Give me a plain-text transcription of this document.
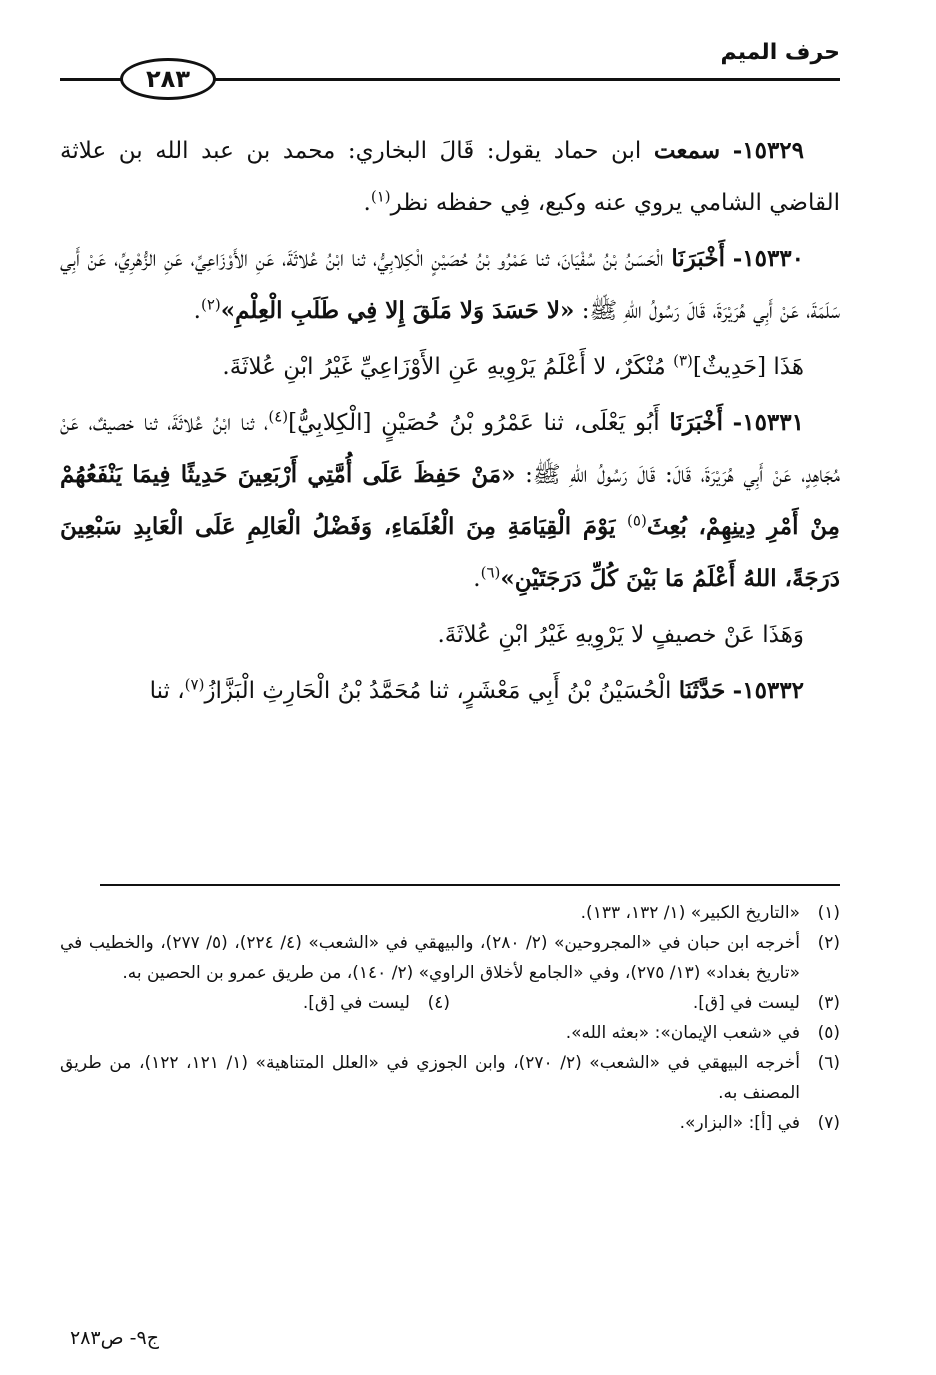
حرف الميم
٢٨٣

١٥٣٢٩- سمعت ابن حماد يقول: قَالَ البخاري: محمد بن عبد الله بن علاثة القاضي الشامي يروي عنه وكيع، فِي حفظه نظر$^{(١)}$.

١٥٣٣٠- أَخْبَرَنَا الْحَسَنُ بْنُ سُفْيَانَ، ثنا عَمْرُو بْنُ حُصَيْنٍ الْكِلابِيُّ، ثنا ابْنُ عُلاثَةَ، عَنِ الأَوْزَاعِيِّ، عَنِ الزُّهْرِيِّ، عَنْ أَبِي سَلَمَةَ، عَنْ أَبِي هُرَيْرَةَ، قَالَ رَسُولُ اللهِ ﷺ: «لا حَسَدَ وَلا مَلَقَ إِلا فِي طَلَبِ الْعِلْمِ»$^{(٢)}$.

هَذَا [حَدِيثٌ]$^{(٣)}$ مُنْكَرٌ، لا أَعْلَمُ يَرْوِيهِ عَنِ الأَوْزَاعِيِّ غَيْرُ ابْنِ عُلاثَةَ.

١٥٣٣١- أَخْبَرَنَا أَبُو يَعْلَى، ثنا عَمْرُو بْنُ حُصَيْنٍ [الْكِلابِيُّ]$^{(٤)}$، ثنا ابْنُ عُلاثَةَ، ثنا خصيفٌ، عَنْ مُجَاهِدٍ، عَنْ أَبِي هُرَيْرَةَ، قَالَ: قَالَ رَسُولُ اللهِ ﷺ: «مَنْ حَفِظَ عَلَى أُمَّتِي أَرْبَعِينَ حَدِيثًا فِيمَا يَنْفَعُهُمْ مِنْ أَمْرِ دِينِهِمْ، بُعِثَ$^{(٥)}$ يَوْمَ الْقِيَامَةِ مِنَ الْعُلَمَاءِ، وَفَضْلُ الْعَالِمِ عَلَى الْعَابِدِ سَبْعِينَ دَرَجَةً، اللهُ أَعْلَمُ مَا بَيْنَ كُلِّ دَرَجَتَيْنِ»$^{(٦)}$.

وَهَذَا عَنْ خصيفٍ لا يَرْوِيهِ غَيْرُ ابْنِ عُلاثَةَ.

١٥٣٣٢- حَدَّثَنَا الْحُسَيْنُ بْنُ أَبِي مَعْشَرٍ، ثنا مُحَمَّدُ بْنُ الْحَارِثِ الْبَزَّازُ$^{(٧)}$، ثنا

(١)
«التاريخ الكبير» (١/ ١٣٢، ١٣٣).
(٢)
أخرجه ابن حبان في «المجروحين» (٢/ ٢٨٠)، والبيهقي في «الشعب» (٤/ ٢٢٤)، (٥/ ٢٧٧)، والخطيب في «تاريخ بغداد» (١٣/ ٢٧٥)، وفي «الجامع لأخلاق الراوي» (٢/ ١٤٠)، من طريق عمرو بن الحصين به.
(٣)
ليست في [ق].
(٤)
ليست في [ق].
(٥)
في «شعب الإيمان»: «بعثه الله».
(٦)
أخرجه البيهقي في «الشعب» (٢/ ٢٧٠)، وابن الجوزي في «العلل المتناهية» (١/ ١٢١، ١٢٢)، من طريق المصنف به.
(٧)
في [أ]: «البزار».
ج٩- ص٢٨٣
